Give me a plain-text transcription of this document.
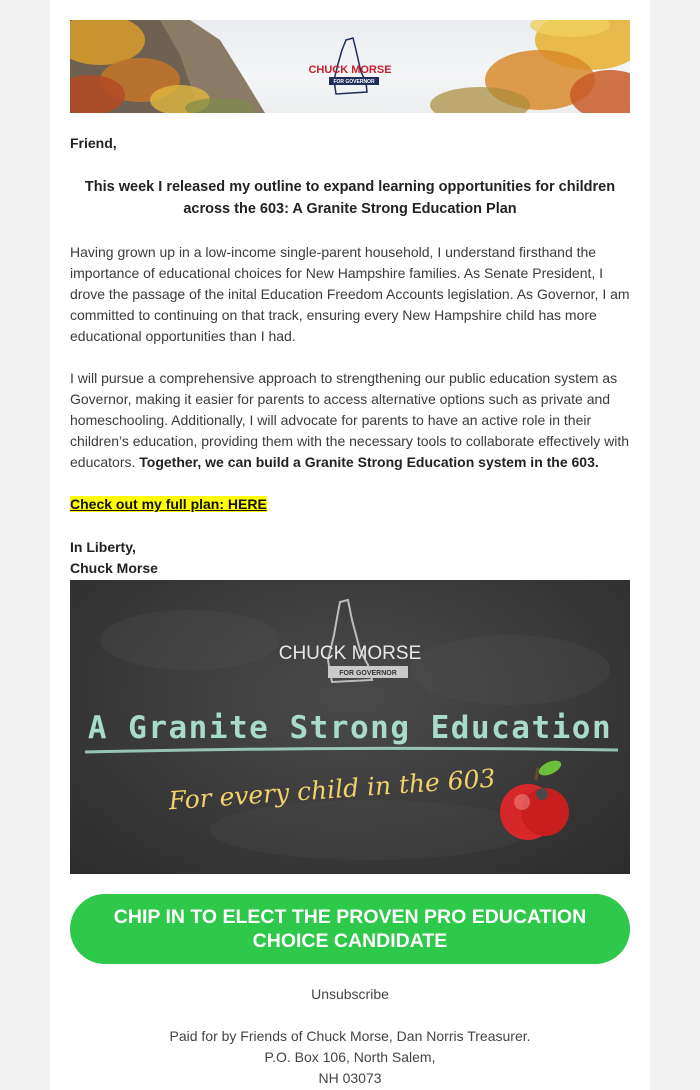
CHUCK MORSE
FOR GOVERNOR
Friend,
This week I released my outline to expand learning opportunities for children across the 603: A Granite Strong Education Plan
Having grown up in a low-income single-parent household, I understand firsthand the importance of educational choices for New Hampshire families. As Senate President, I drove the passage of the inital Education Freedom Accounts legislation. As Governor, I am committed to continuing on that track, ensuring every New Hampshire child has more educational opportunities than I had.
I will pursue a comprehensive approach to strengthening our public education system as Governor, making it easier for parents to access alternative options such as private and homeschooling. Additionally, I will advocate for parents to have an active role in their children’s education, providing them with the necessary tools to collaborate effectively with educators. Together, we can build a Granite Strong Education system in the 603.
Check out my full plan: HERE
In Liberty,
Chuck Morse
CHUCK MORSE
FOR GOVERNOR
A Granite Strong Education
For every child in the 603
CHIP IN TO ELECT THE PROVEN PRO EDUCATION CHOICE CANDIDATE
Unsubscribe
Paid for by Friends of Chuck Morse, Dan Norris Treasurer.
P.O. Box 106, North Salem,
NH 03073
